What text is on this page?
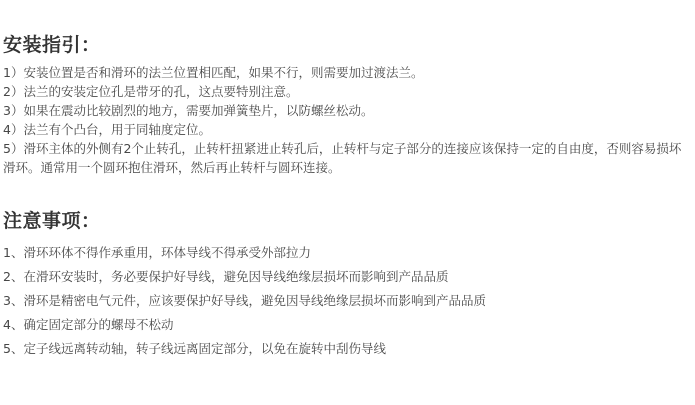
安装指引：

1）安装位置是否和滑环的法兰位置相匹配，如果不行，则需要加过渡法兰。

2）法兰的安装定位孔是带牙的孔，这点要特别注意。

3）如果在震动比较剧烈的地方，需要加弹簧垫片，以防螺丝松动。

4）法兰有个凸台，用于同轴度定位。

5）滑环主体的外侧有2个止转孔，止转杆扭紧进止转孔后，止转杆与定子部分的连接应该保持一定的自由度，否则容易损坏滑环。通常用一个圆环抱住滑环，然后再止转杆与圆环连接。

注意事项：

1、滑环环体不得作承重用，环体导线不得承受外部拉力

2、在滑环安装时，务必要保护好导线，避免因导线绝缘层损坏而影响到产品品质

3、滑环是精密电气元件，应该要保护好导线，避免因导线绝缘层损坏而影响到产品品质

4、确定固定部分的螺母不松动

5、定子线远离转动轴，转子线远离固定部分，以免在旋转中刮伤导线
